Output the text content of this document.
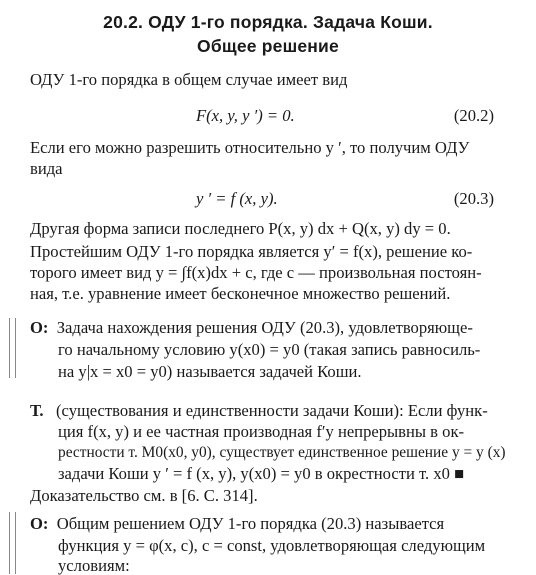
20.2. ОДУ 1-го порядка. Задача Коши.
Общее решение
ОДУ 1-го порядка в общем случае имеет вид
F(x, y, y ′) = 0.	(20.2)
Если его можно разрешить относительно y ′, то получим ОДУ
вида
y ′ = f (x, y).	(20.3)
Другая форма записи последнего P(x, y) dx + Q(x, y) dy = 0.
Простейшим ОДУ 1-го порядка является y′ = f(x), решение ко-
торого имеет вид y = ∫f(x)dx + c, где c — произвольная постоян-
ная, т.е. уравнение имеет бесконечное множество решений.
О: Задача нахождения решения ОДУ (20.3), удовлетворяюще-
го начальному условию y(x0) = y0 (такая запись равносиль-
на y|x = x0 = y0) называется задачей Коши.
Т. (существования и единственности задачи Коши): Если функ-
ция f(x, y) и ее частная производная f′y непрерывны в ок-
рестности т. M0(x0, y0), существует единственное решение y = y (x)
задачи Коши y ′ = f (x, y), y(x0) = y0 в окрестности т. x0 ■
Доказательство см. в [6. С. 314].
О: Общим решением ОДУ 1-го порядка (20.3) называется
функция y = φ(x, c), c = const, удовлетворяющая следующим
условиям:
